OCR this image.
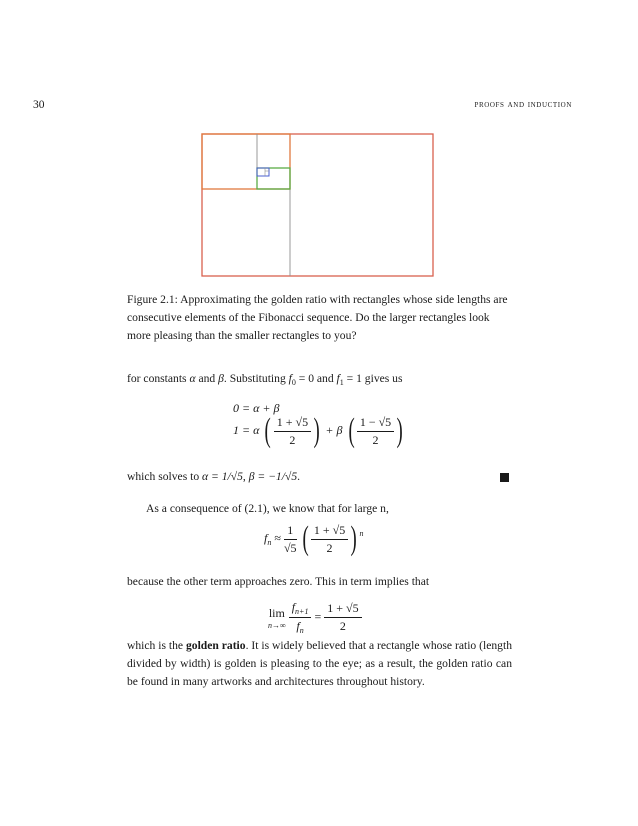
30	proofs and induction
Figure 2.1: Approximating the golden ratio with rectangles whose side lengths are consecutive elements of the Fibonacci sequence. Do the larger rectangles look more pleasing than the smaller rectangles to you?
for constants α and β. Substituting $f_0 = 0$ and $f_1 = 1$ gives us
0 = α + β
1 = α ( $\frac{1 + √5}{2}$ ) + β ( $\frac{1 - √5}{2}$ )
which solves to α = 1/√5, β = −1/√5.
As a consequence of (2.1), we know that for large n,
$f_n \approx \frac{1}{√5}$ ( $\frac{1 + √5}{2}$ ) $^n$
because the other term approaches zero. This in term implies that
lim
n→∞
$\frac{f_{n+1}}{f_n} = \frac{1 + √5}{2}$
which is the golden ratio. It is widely believed that a rectangle whose ratio (length divided by width) is golden is pleasing to the eye; as a result, the golden ratio can be found in many artworks and architectures throughout history.
